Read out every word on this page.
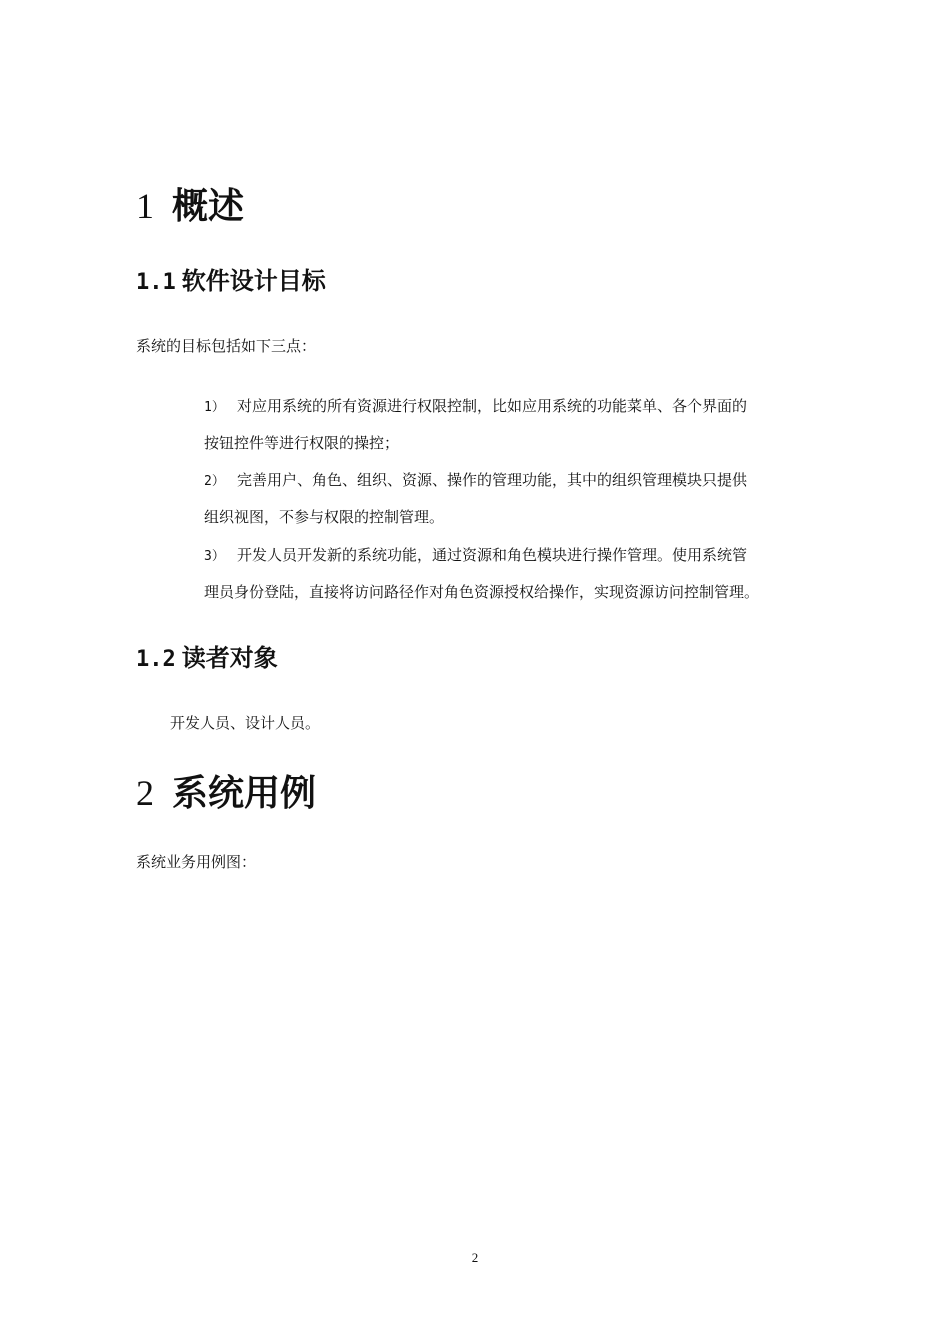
1 概述
1.1 软件设计目标
系统的目标包括如下三点：
1） 对应用系统的所有资源进行权限控制，比如应用系统的功能菜单、各个界面的
按钮控件等进行权限的操控；
2） 完善用户、角色、组织、资源、操作的管理功能，其中的组织管理模块只提供
组织视图，不参与权限的控制管理。
3） 开发人员开发新的系统功能，通过资源和角色模块进行操作管理。使用系统管
理员身份登陆，直接将访问路径作对角色资源授权给操作，实现资源访问控制管理。
1.2 读者对象
开发人员、设计人员。
2 系统用例
系统业务用例图：
2
